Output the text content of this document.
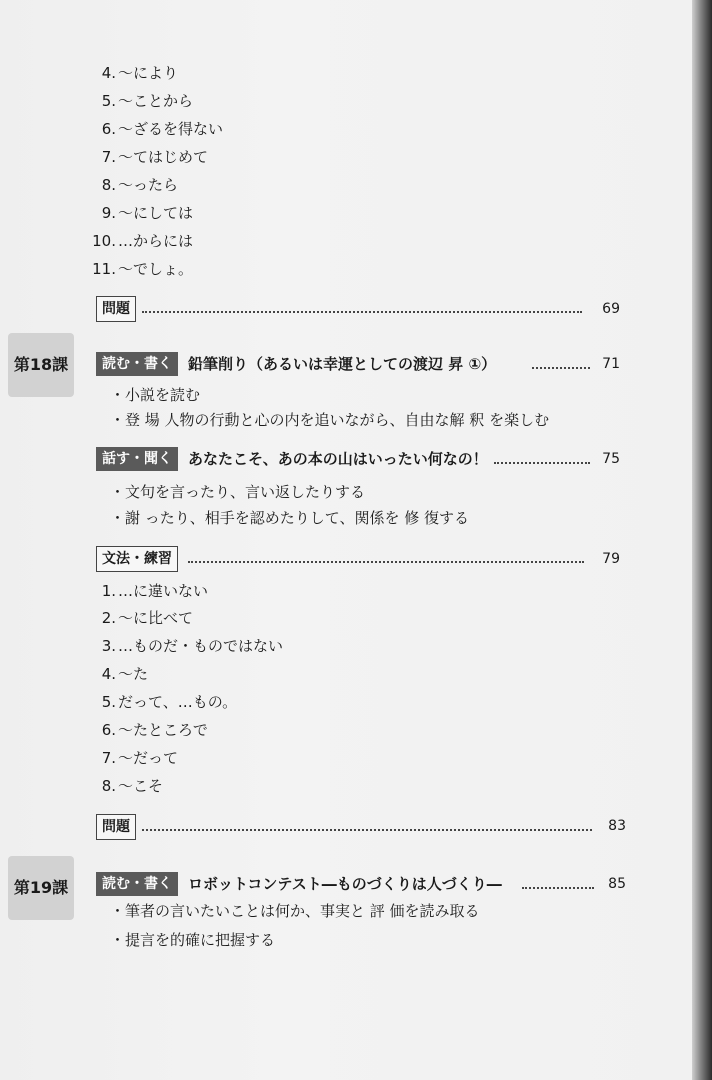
4. 〜により
5. 〜ことから
6. 〜ざるを得ない
7. 〜てはじめて
8. 〜ったら
9. 〜にしては
10. …からには
11. 〜でしょ。
問題	69
第18課	読む・書く	鉛筆削り（あるいは幸運としての渡辺 昇 ①）	71
・小説を読む
・登 場 人物の行動と心の内を追いながら、自由な解 釈 を楽しむ
話す・聞く	あなたこそ、あの本の山はいったい何なの！	75
・文句を言ったり、言い返したりする
・謝 ったり、相手を認めたりして、関係を 修 復する
文法・練習	79
1. …に違いない
2. 〜に比べて
3. …ものだ・ものではない
4. 〜た
5. だって、…もの。
6. 〜たところで
7. 〜だって
8. 〜こそ
問題	83
第19課	読む・書く	ロボットコンテスト―ものづくりは人づくり―	85
・筆者の言いたいことは何か、事実と 評 価を読み取る
・提言を的確に把握する
